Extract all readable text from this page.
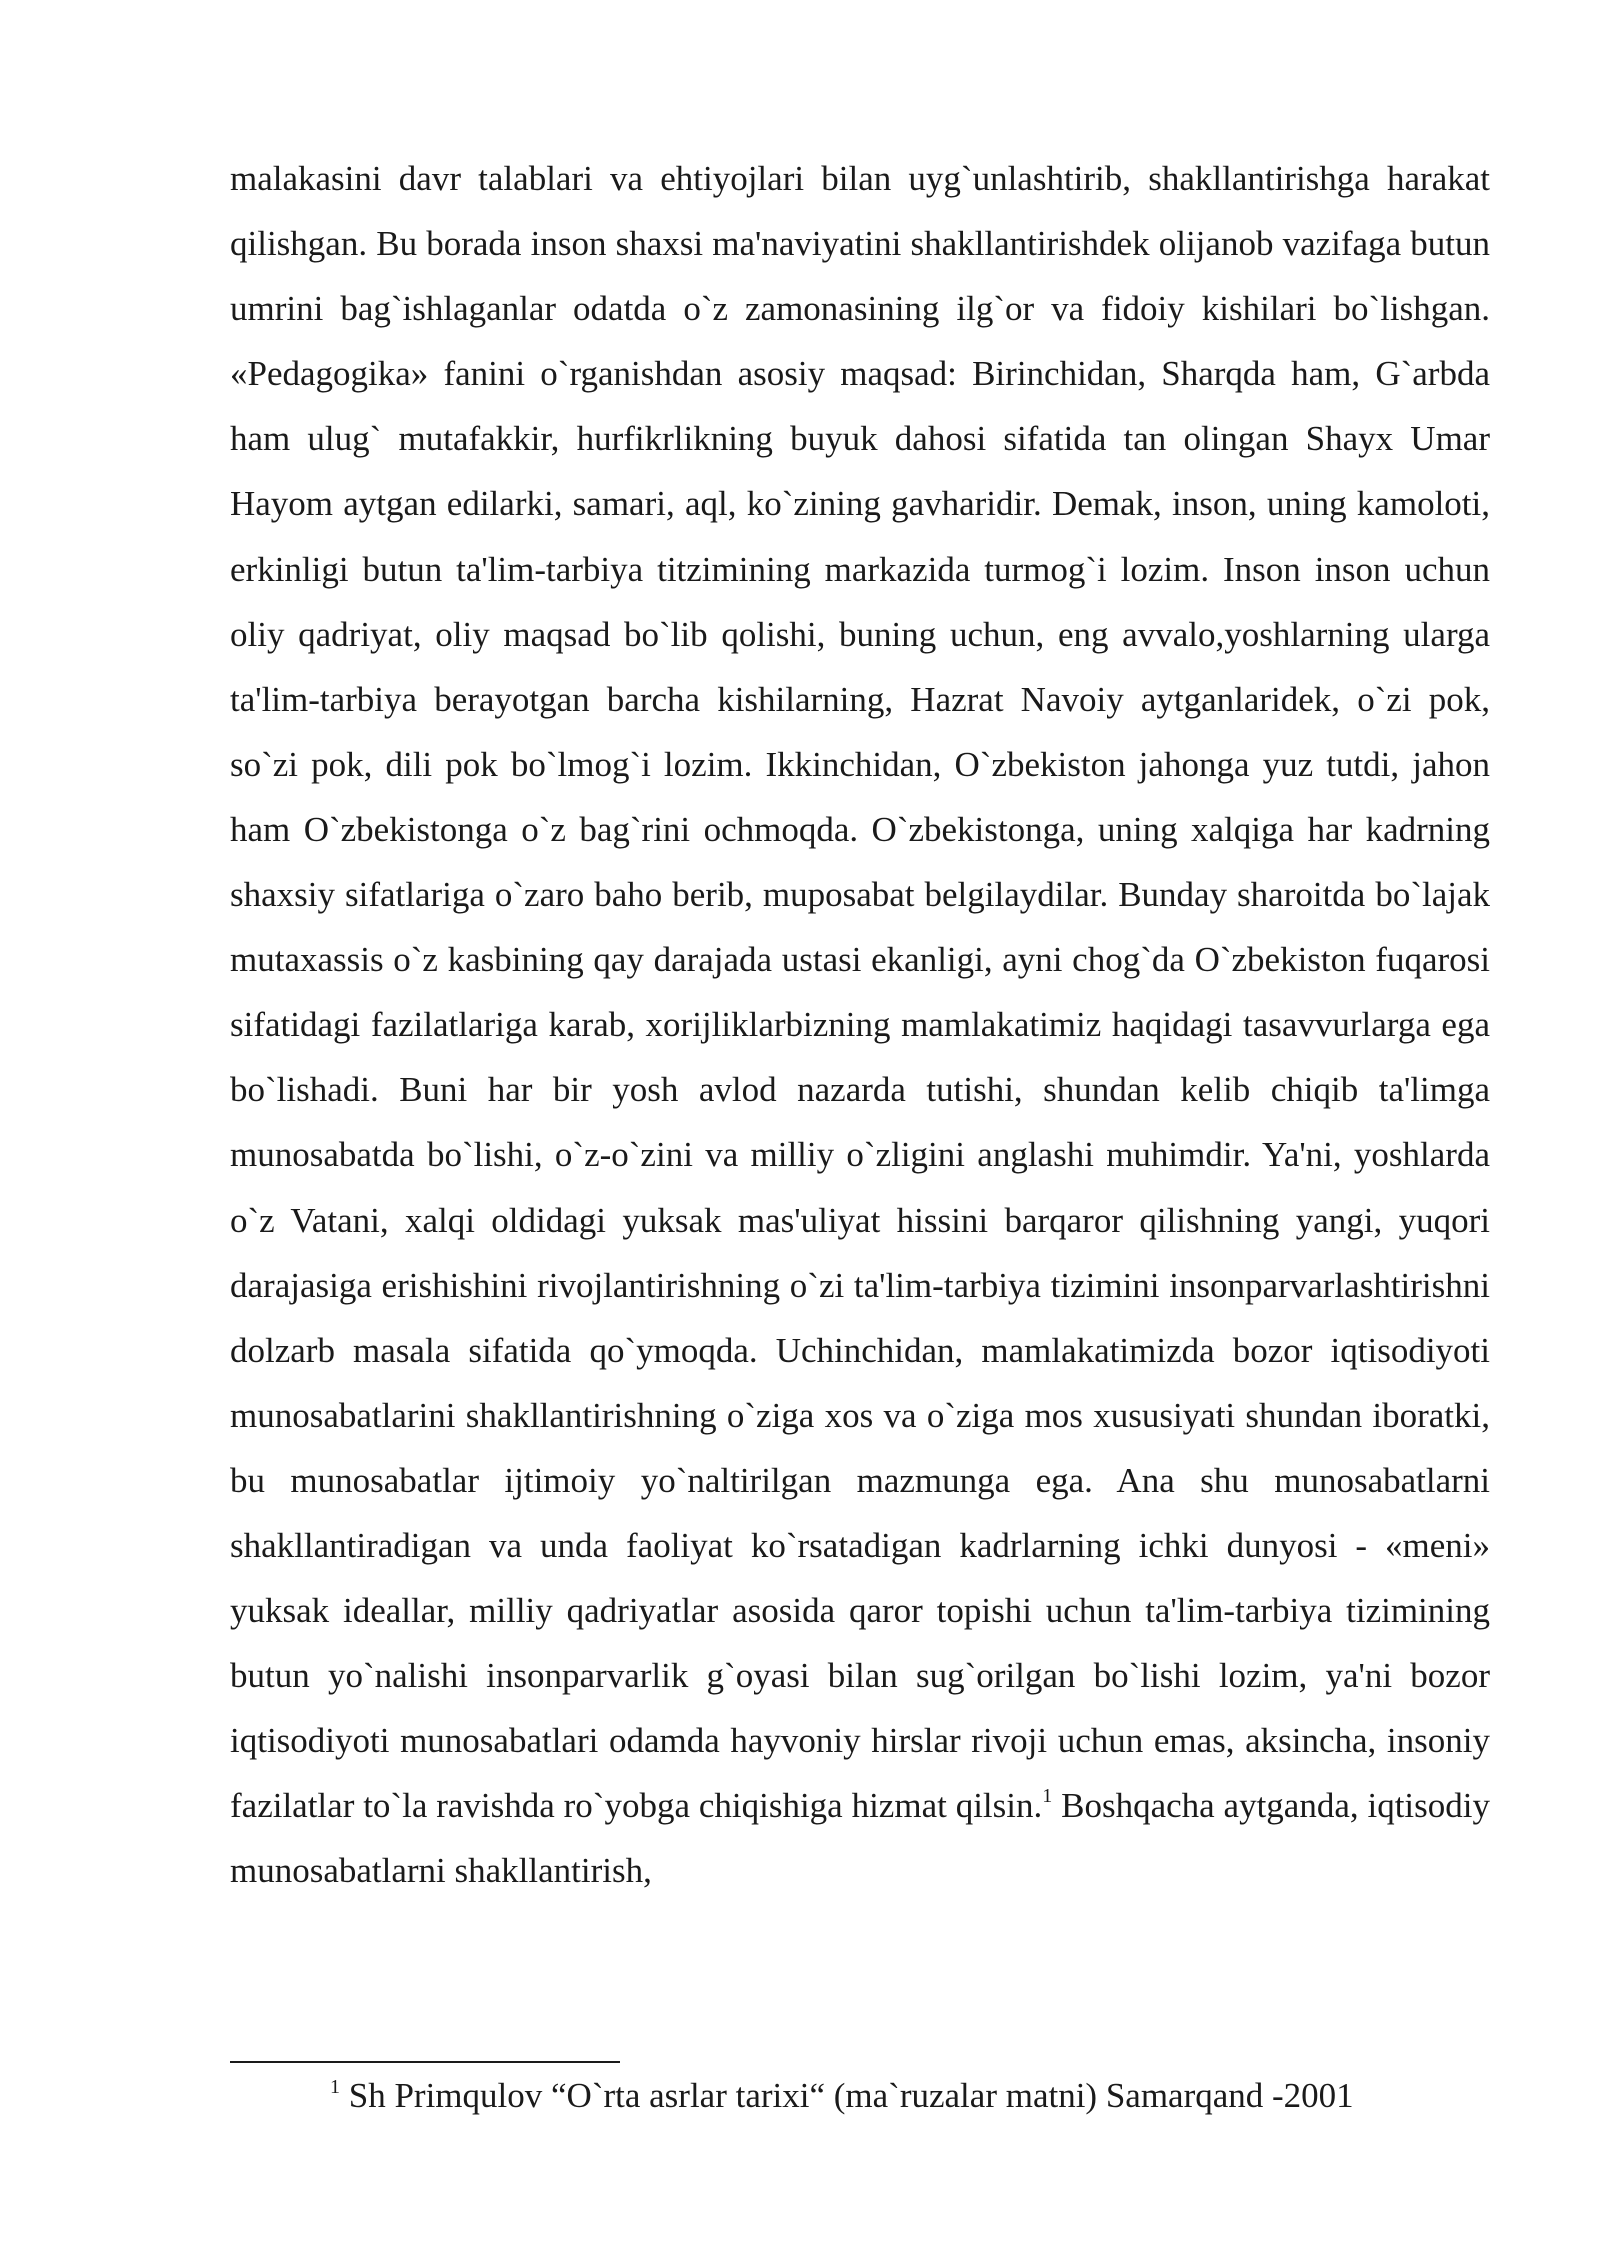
malakasini davr talablari va ehtiyojlari bilan uyg`unlashtirib, shakllantirishga harakat qilishgan. Bu borada inson shaxsi ma'naviyatini shakllantirishdek olijanob vazifaga butun umrini bag`ishlaganlar odatda o`z zamonasining ilg`or va fidoiy kishilari bo`lishgan. «Pedagogika» fanini o`rganishdan asosiy maqsad: Birinchidan, Sharqda ham, G`arbda ham ulug` mutafakkir, hurfikrlikning buyuk dahosi sifatida tan olingan Shayx Umar Hayom aytgan edilarki, samari, aql, ko`zining gavharidir. Demak, inson, uning kamoloti, erkinligi butun ta'lim-tarbiya titzimining markazida turmog`i lozim. Inson inson uchun oliy qadriyat, oliy maqsad bo`lib qolishi, buning uchun, eng avvalo,yoshlarning ularga ta'lim-tarbiya berayotgan barcha kishilarning, Hazrat Navoiy aytganlaridek, o`zi pok, so`zi pok, dili pok bo`lmog`i lozim. Ikkinchidan, O`zbekiston jahonga yuz tutdi, jahon ham O`zbekistonga o`z bag`rini ochmoqda. O`zbekistonga, uning xalqiga har kadrning shaxsiy sifatlariga o`zaro baho berib, muposabat belgilaydilar. Bunday sharoitda bo`lajak mutaxassis o`z kasbining qay darajada ustasi ekanligi, ayni chog`da O`zbekiston fuqarosi sifatidagi fazilatlariga karab, xorijliklarbizning mamlakatimiz haqidagi tasavvurlarga ega bo`lishadi. Buni har bir yosh avlod nazarda tutishi, shundan kelib chiqib ta'limga munosabatda bo`lishi, o`z-o`zini va milliy o`zligini anglashi muhimdir. Ya'ni, yoshlarda o`z Vatani, xalqi oldidagi yuksak mas'uliyat hissini barqaror qilishning yangi, yuqori darajasiga erishishini rivojlantirishning o`zi ta'lim-tarbiya tizimini insonparvarlashtirishni dolzarb masala sifatida qo`ymoqda. Uchinchidan, mamlakatimizda bozor iqtisodiyoti munosabatlarini shakllantirishning o`ziga xos va o`ziga mos xususiyati shundan iboratki, bu munosabatlar ijtimoiy yo`naltirilgan mazmunga ega. Ana shu munosabatlarni shakllantiradigan va unda faoliyat ko`rsatadigan kadrlarning ichki dunyosi - «meni» yuksak ideallar, milliy qadriyatlar asosida qaror topishi uchun ta'lim-tarbiya tizimining butun yo`nalishi insonparvarlik g`oyasi bilan sug`orilgan bo`lishi lozim, ya'ni bozor iqtisodiyoti munosabatlari odamda hayvoniy hirslar rivoji uchun emas, aksincha, insoniy fazilatlar to`la ravishda ro`yobga chiqishiga hizmat qilsin.$^1$ Boshqacha aytganda, iqtisodiy munosabatlarni shakllantirish,

$^1$ Sh Primqulov “O`rta asrlar tarixi“ (ma`ruzalar matni) Samarqand -2001
